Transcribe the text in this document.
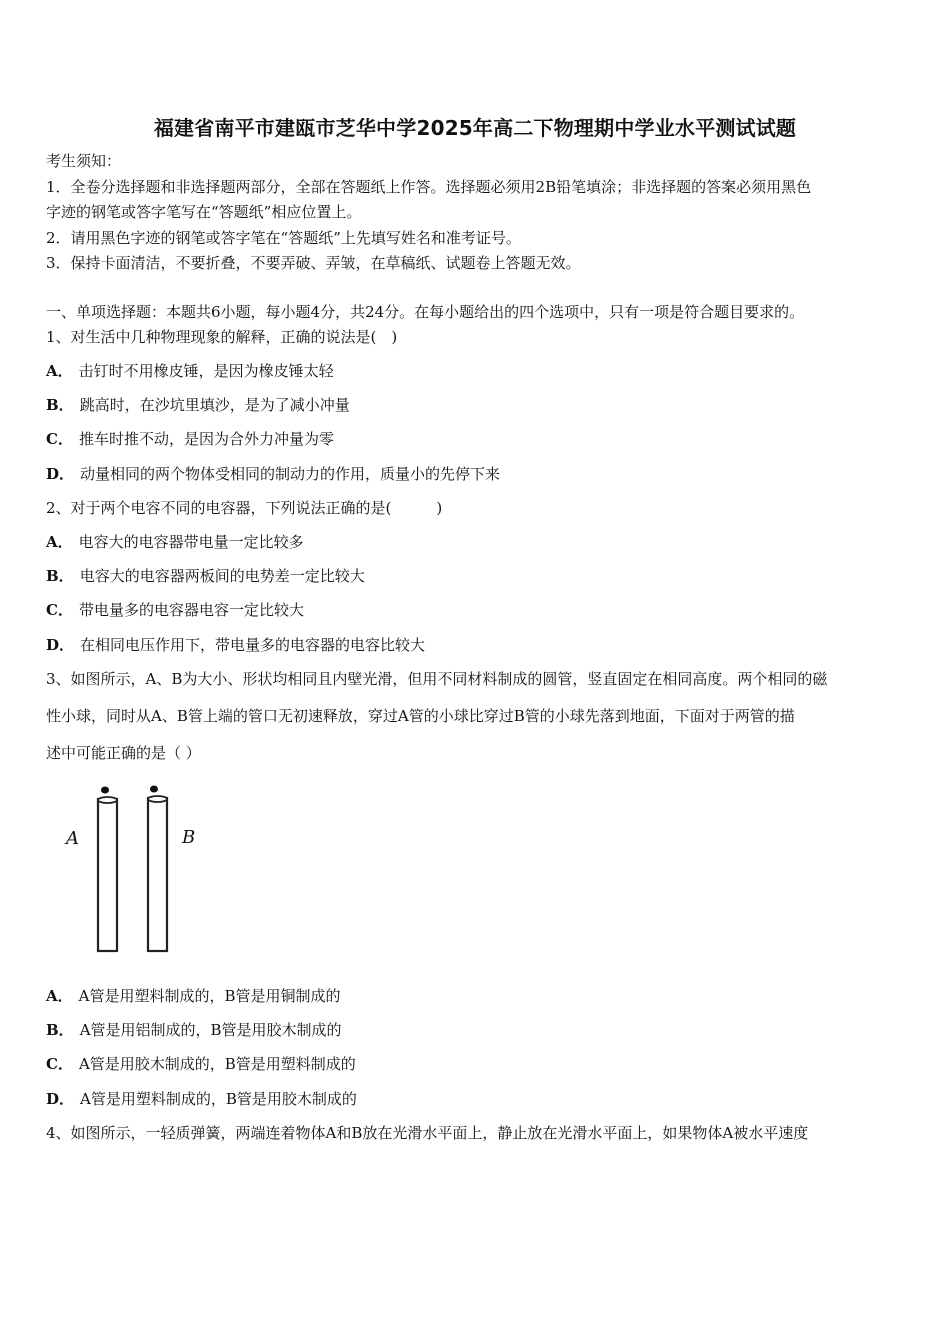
福建省南平市建瓯市芝华中学2025年高二下物理期中学业水平测试试题
考生须知：
1．全卷分选择题和非选择题两部分，全部在答题纸上作答。选择题必须用2B铅笔填涂；非选择题的答案必须用黑色
字迹的钢笔或答字笔写在“答题纸”相应位置上。
2．请用黑色字迹的钢笔或答字笔在“答题纸”上先填写姓名和准考证号。
3．保持卡面清洁，不要折叠，不要弄破、弄皱，在草稿纸、试题卷上答题无效。
一、单项选择题：本题共6小题，每小题4分，共24分。在每小题给出的四个选项中，只有一项是符合题目要求的。
1、对生活中几种物理现象的解释，正确的说法是(　)
A． 击钉时不用橡皮锤，是因为橡皮锤太轻
B． 跳高时，在沙坑里填沙，是为了减小冲量
C． 推车时推不动，是因为合外力冲量为零
D． 动量相同的两个物体受相同的制动力的作用，质量小的先停下来
2、对于两个电容不同的电容器，下列说法正确的是(　　　)
A． 电容大的电容器带电量一定比较多
B． 电容大的电容器两板间的电势差一定比较大
C． 带电量多的电容器电容一定比较大
D． 在相同电压作用下，带电量多的电容器的电容比较大
3、如图所示，A、B为大小、形状均相同且内壁光滑，但用不同材料制成的圆管，竖直固定在相同高度。两个相同的磁
性小球，同时从A、B管上端的管口无初速释放，穿过A管的小球比穿过B管的小球先落到地面，下面对于两管的描
述中可能正确的是（ ）
A	B
A． A管是用塑料制成的，B管是用铜制成的
B． A管是用铝制成的，B管是用胶木制成的
C． A管是用胶木制成的，B管是用塑料制成的
D． A管是用塑料制成的，B管是用胶木制成的
4、如图所示，一轻质弹簧，两端连着物体A和B放在光滑水平面上，静止放在光滑水平面上，如果物体A被水平速度
